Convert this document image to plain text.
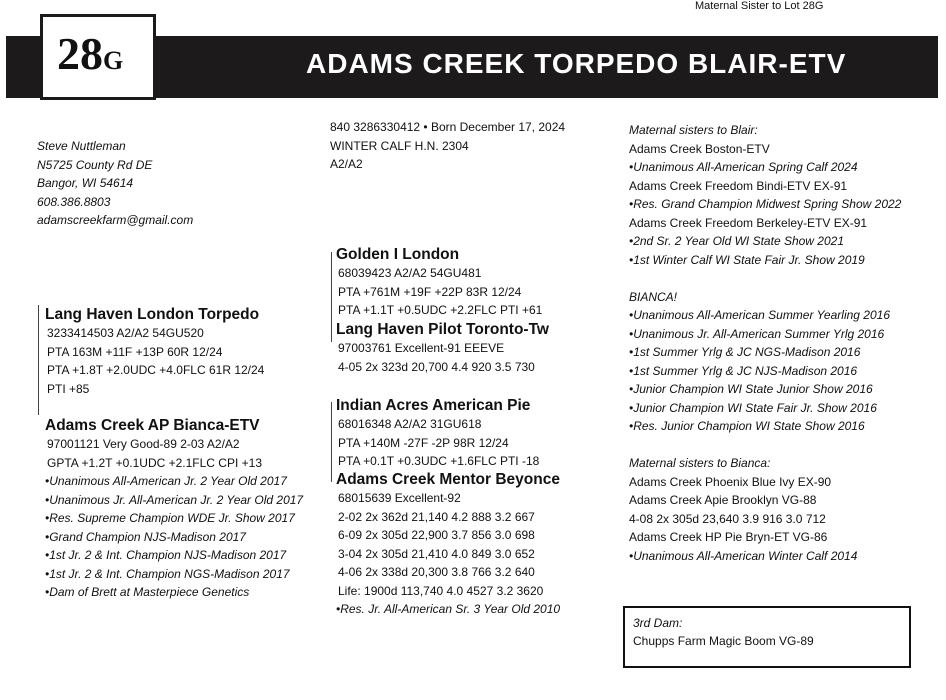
Maternal Sister to Lot 28G
ADAMS CREEK TORPEDO BLAIR-ETV
28G
Steve Nuttleman
N5725 County Rd DE
Bangor, WI 54614
608.386.8803
adamscreekfarm@gmail.com
840 3286330412 • Born December 17, 2024
WINTER CALF H.N. 2304
A2/A2
Lang Haven London Torpedo
3233414503 A2/A2 54GU520
PTA 163M +11F +13P 60R 12/24
PTA +1.8T +2.0UDC +4.0FLC 61R 12/24
PTI +85
Adams Creek AP Bianca-ETV
97001121 Very Good-89 2-03 A2/A2
GPTA +1.2T +0.1UDC +2.1FLC CPI +13
•Unanimous All-American Jr. 2 Year Old 2017
•Unanimous Jr. All-American Jr. 2 Year Old 2017
•Res. Supreme Champion WDE Jr. Show 2017
•Grand Champion NJS-Madison 2017
•1st Jr. 2 & Int. Champion NJS-Madison 2017
•1st Jr. 2 & Int. Champion NGS-Madison 2017
•Dam of Brett at Masterpiece Genetics
Golden I London
68039423 A2/A2 54GU481
PTA +761M +19F +22P 83R 12/24
PTA +1.1T +0.5UDC +2.2FLC PTI +61
Lang Haven Pilot Toronto-Tw
97003761 Excellent-91 EEEVE
4-05 2x 323d 20,700 4.4 920 3.5 730
Indian Acres American Pie
68016348 A2/A2 31GU618
PTA +140M -27F -2P 98R 12/24
PTA +0.1T +0.3UDC +1.6FLC PTI -18
Adams Creek Mentor Beyonce
68015639 Excellent-92
2-02 2x 362d 21,140 4.2 888 3.2 667
6-09 2x 305d 22,900 3.7 856 3.0 698
3-04 2x 305d 21,410 4.0 849 3.0 652
4-06 2x 338d 20,300 3.8 766 3.2 640
Life: 1900d 113,740 4.0 4527 3.2 3620
•Res. Jr. All-American Sr. 3 Year Old 2010
Maternal sisters to Blair:
Adams Creek Boston-ETV
•Unanimous All-American Spring Calf 2024
Adams Creek Freedom Bindi-ETV EX-91
•Res. Grand Champion Midwest Spring Show 2022
Adams Creek Freedom Berkeley-ETV EX-91
•2nd Sr. 2 Year Old WI State Show 2021
•1st Winter Calf WI State Fair Jr. Show 2019
BIANCA!
•Unanimous All-American Summer Yearling 2016
•Unanimous Jr. All-American Summer Yrlg 2016
•1st Summer Yrlg & JC NGS-Madison 2016
•1st Summer Yrlg & JC NJS-Madison 2016
•Junior Champion WI State Junior Show 2016
•Junior Champion WI State Fair Jr. Show 2016
•Res. Junior Champion WI State Show 2016
Maternal sisters to Bianca:
Adams Creek Phoenix Blue Ivy EX-90
Adams Creek Apie Brooklyn VG-88
4-08 2x 305d 23,640 3.9 916 3.0 712
Adams Creek HP Pie Bryn-ET VG-86
•Unanimous All-American Winter Calf 2014
3rd Dam:
Chupps Farm Magic Boom VG-89
